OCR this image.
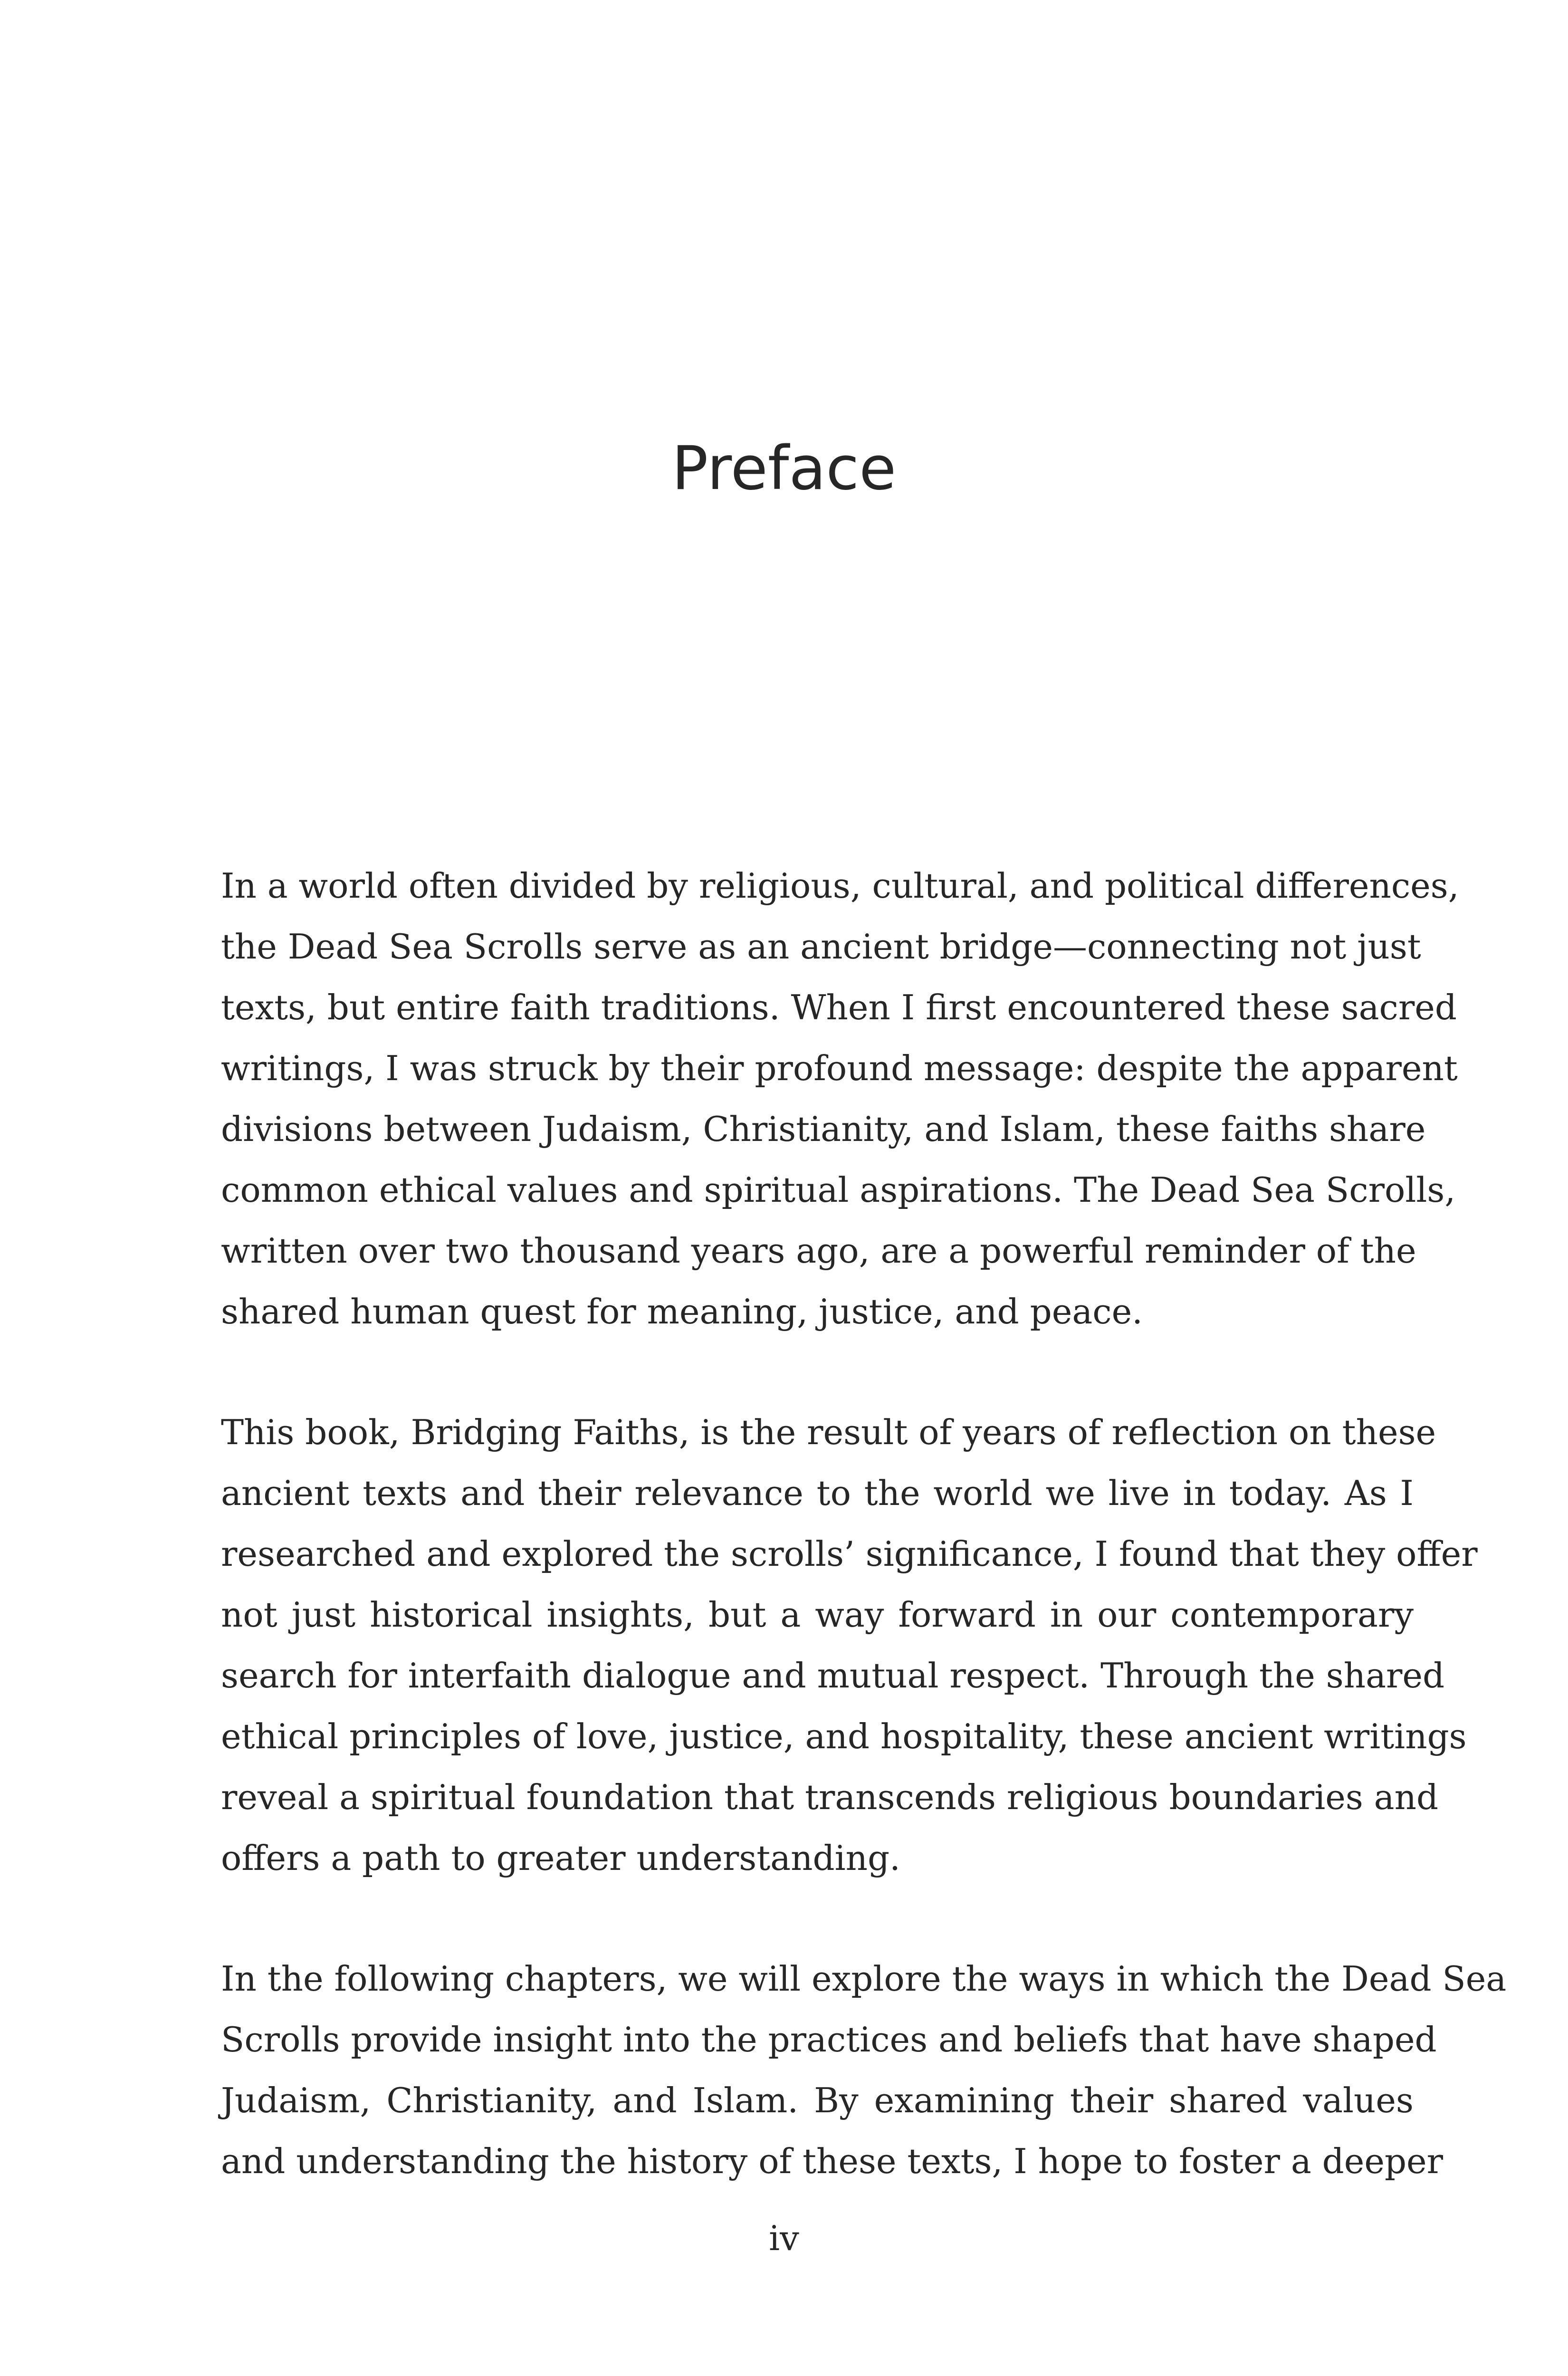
Preface
In a world often divided by religious, cultural, and political differences,
the Dead Sea Scrolls serve as an ancient bridge—connecting not just
texts, but entire faith traditions. When I first encountered these sacred
writings, I was struck by their profound message: despite the apparent
divisions between Judaism, Christianity, and Islam, these faiths share
common ethical values and spiritual aspirations. The Dead Sea Scrolls,
written over two thousand years ago, are a powerful reminder of the
shared human quest for meaning, justice, and peace.
This book, Bridging Faiths, is the result of years of reflection on these
ancient texts and their relevance to the world we live in today. As I
researched and explored the scrolls’ significance, I found that they offer
not just historical insights, but a way forward in our contemporary
search for interfaith dialogue and mutual respect. Through the shared
ethical principles of love, justice, and hospitality, these ancient writings
reveal a spiritual foundation that transcends religious boundaries and
offers a path to greater understanding.
In the following chapters, we will explore the ways in which the Dead Sea
Scrolls provide insight into the practices and beliefs that have shaped
Judaism, Christianity, and Islam. By examining their shared values
and understanding the history of these texts, I hope to foster a deeper
iv
